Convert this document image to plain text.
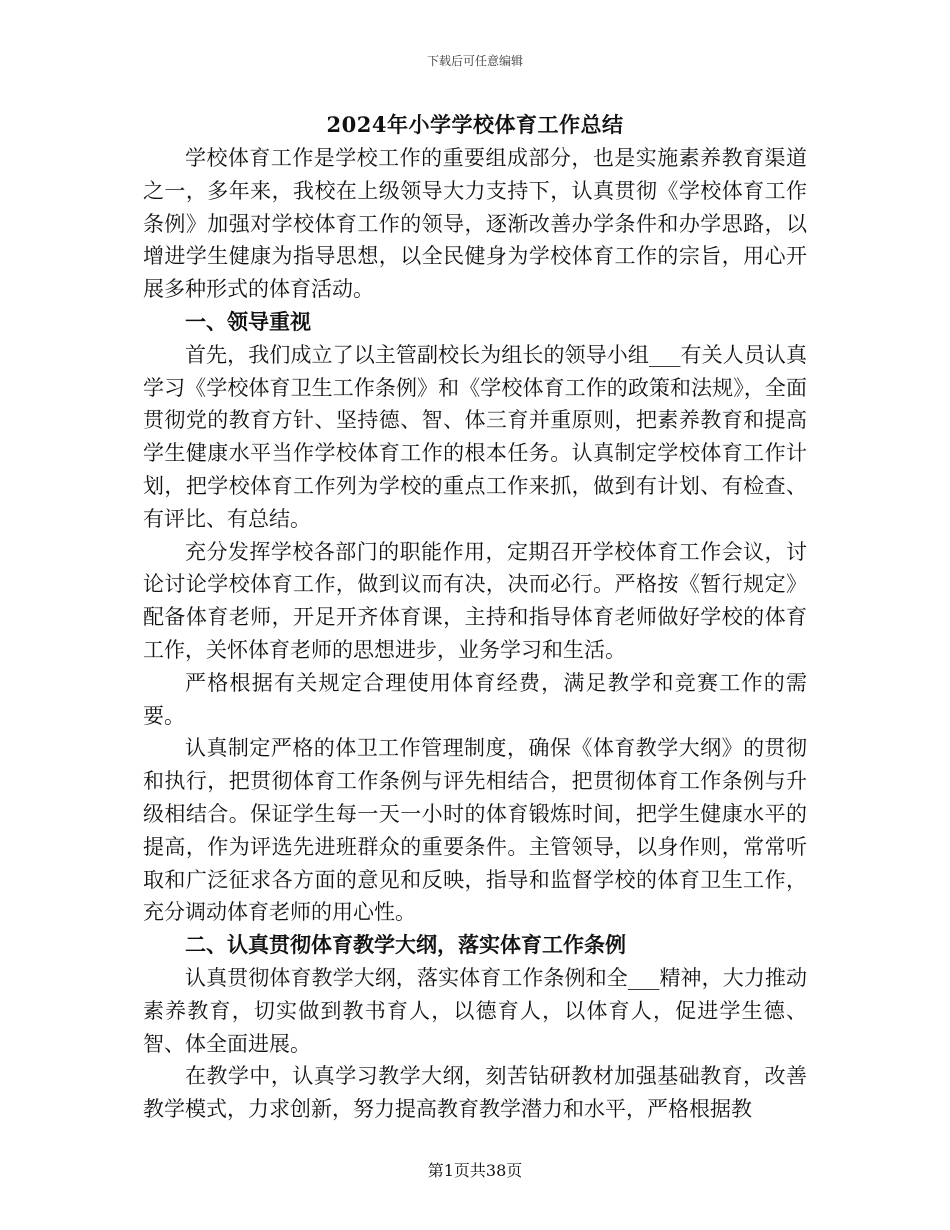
下载后可任意编辑
2024年小学学校体育工作总结

学校体育工作是学校工作的重要组成部分，也是实施素养教育渠道之一，多年来，我校在上级领导大力支持下，认真贯彻《学校体育工作条例》加强对学校体育工作的领导，逐渐改善办学条件和办学思路，以增进学生健康为指导思想，以全民健身为学校体育工作的宗旨，用心开展多种形式的体育活动。

一、领导重视

首先，我们成立了以主管副校长为组长的领导小组___有关人员认真学习《学校体育卫生工作条例》和《学校体育工作的政策和法规》，全面贯彻党的教育方针、坚持德、智、体三育并重原则，把素养教育和提高学生健康水平当作学校体育工作的根本任务。认真制定学校体育工作计划，把学校体育工作列为学校的重点工作来抓，做到有计划、有检查、有评比、有总结。

充分发挥学校各部门的职能作用，定期召开学校体育工作会议，讨论讨论学校体育工作，做到议而有决，决而必行。严格按《暂行规定》配备体育老师，开足开齐体育课，主持和指导体育老师做好学校的体育工作，关怀体育老师的思想进步，业务学习和生活。

严格根据有关规定合理使用体育经费，满足教学和竞赛工作的需要。

认真制定严格的体卫工作管理制度，确保《体育教学大纲》的贯彻和执行，把贯彻体育工作条例与评先相结合，把贯彻体育工作条例与升级相结合。保证学生每一天一小时的体育锻炼时间，把学生健康水平的提高，作为评选先进班群众的重要条件。主管领导，以身作则，常常听取和广泛征求各方面的意见和反映，指导和监督学校的体育卫生工作，充分调动体育老师的用心性。

二、认真贯彻体育教学大纲，落实体育工作条例

认真贯彻体育教学大纲，落实体育工作条例和全___精神，大力推动素养教育，切实做到教书育人，以德育人，以体育人，促进学生德、智、体全面进展。

在教学中，认真学习教学大纲，刻苦钻研教材加强基础教育，改善教学模式，力求创新，努力提高教育教学潜力和水平，严格根据教

第1页共38页
